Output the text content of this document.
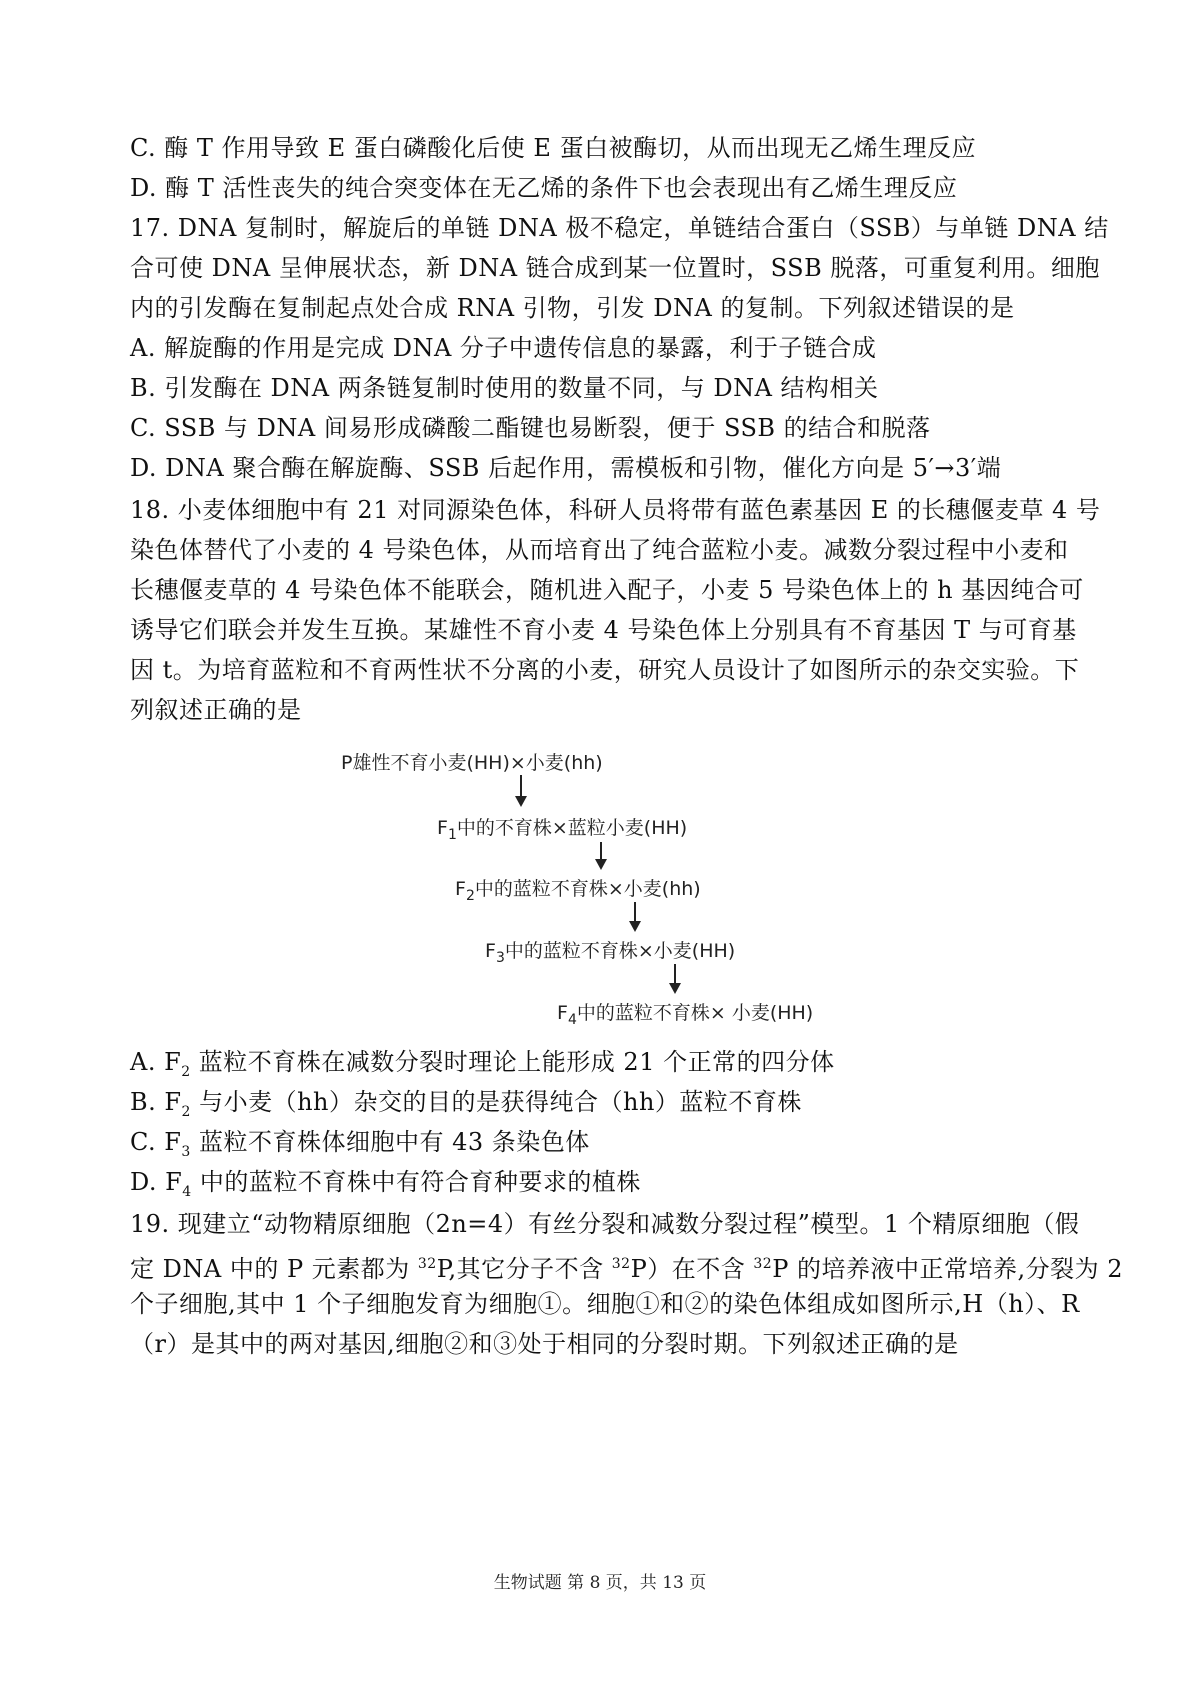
C. 酶 T 作用导致 E 蛋白磷酸化后使 E 蛋白被酶切，从而出现无乙烯生理反应
D. 酶 T 活性丧失的纯合突变体在无乙烯的条件下也会表现出有乙烯生理反应
17. DNA 复制时，解旋后的单链 DNA 极不稳定，单链结合蛋白（SSB）与单链 DNA 结
合可使 DNA 呈伸展状态，新 DNA 链合成到某一位置时，SSB 脱落，可重复利用。细胞
内的引发酶在复制起点处合成 RNA 引物，引发 DNA 的复制。下列叙述错误的是
A. 解旋酶的作用是完成 DNA 分子中遗传信息的暴露，利于子链合成
B. 引发酶在 DNA 两条链复制时使用的数量不同，与 DNA 结构相关
C. SSB 与 DNA 间易形成磷酸二酯键也易断裂，便于 SSB 的结合和脱落
D. DNA 聚合酶在解旋酶、SSB 后起作用，需模板和引物，催化方向是 5′→3′端
18. 小麦体细胞中有 21 对同源染色体，科研人员将带有蓝色素基因 E 的长穗偃麦草 4 号
染色体替代了小麦的 4 号染色体，从而培育出了纯合蓝粒小麦。减数分裂过程中小麦和
长穗偃麦草的 4 号染色体不能联会，随机进入配子，小麦 5 号染色体上的 h 基因纯合可
诱导它们联会并发生互换。某雄性不育小麦 4 号染色体上分别具有不育基因 T 与可育基
因 t。为培育蓝粒和不育两性状不分离的小麦，研究人员设计了如图所示的杂交实验。下
列叙述正确的是
P雄性不育小麦(HH)×小麦(hh)
$F_1$中的不育株×蓝粒小麦(HH)
$F_2$中的蓝粒不育株×小麦(hh)
$F_3$中的蓝粒不育株×小麦(HH)
$F_4$中的蓝粒不育株× 小麦(HH)
A. $F_2$ 蓝粒不育株在减数分裂时理论上能形成 21 个正常的四分体
B. $F_2$ 与小麦（hh）杂交的目的是获得纯合（hh）蓝粒不育株
C. $F_3$ 蓝粒不育株体细胞中有 43 条染色体
D. $F_4$ 中的蓝粒不育株中有符合育种要求的植株
19. 现建立“动物精原细胞（2n=4）有丝分裂和减数分裂过程”模型。1 个精原细胞（假
定 DNA 中的 P 元素都为 $^{32}$P,其它分子不含 $^{32}$P）在不含 $^{32}$P 的培养液中正常培养,分裂为 2
个子细胞,其中 1 个子细胞发育为细胞①。细胞①和②的染色体组成如图所示,H（h）、R
（r）是其中的两对基因,细胞②和③处于相同的分裂时期。下列叙述正确的是
生物试题 第 8 页，共 13 页
